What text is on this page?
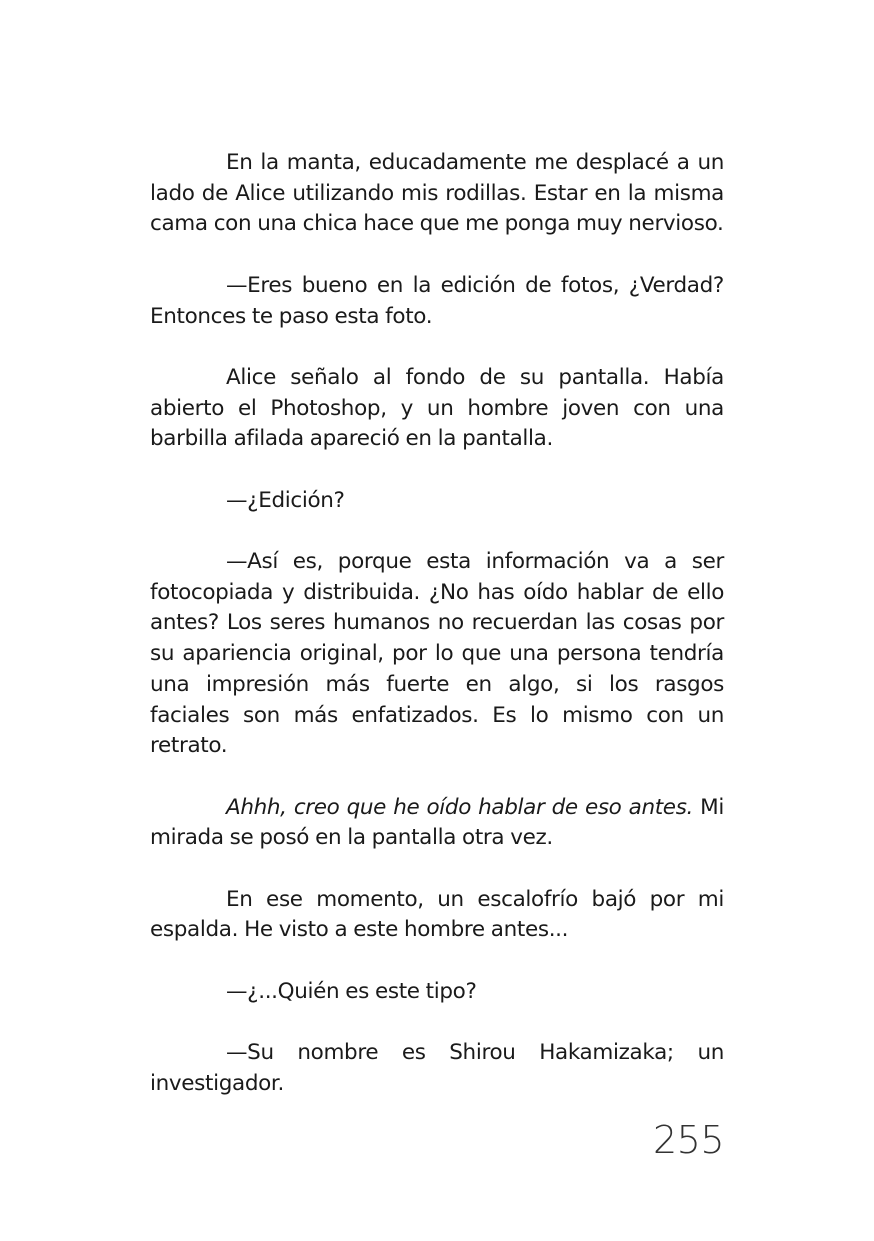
En la manta, educadamente me desplacé a un lado de Alice utilizando mis rodillas. Estar en la misma cama con una chica hace que me ponga muy nervioso.

—Eres bueno en la edición de fotos, ¿Verdad? Entonces te paso esta foto.

Alice señalo al fondo de su pantalla. Había abierto el Photoshop, y un hombre joven con una barbilla afilada apareció en la pantalla.

—¿Edición?

—Así es, porque esta información va a ser fotocopiada y distribuida. ¿No has oído hablar de ello antes? Los seres humanos no recuerdan las cosas por su apariencia original, por lo que una persona tendría una impresión más fuerte en algo, si los rasgos faciales son más enfatizados. Es lo mismo con un retrato.

Ahhh, creo que he oído hablar de eso antes. Mi mirada se posó en la pantalla otra vez.

En ese momento, un escalofrío bajó por mi espalda. He visto a este hombre antes...

—¿...Quién es este tipo?

—Su nombre es Shirou Hakamizaka; un investigador.

255
